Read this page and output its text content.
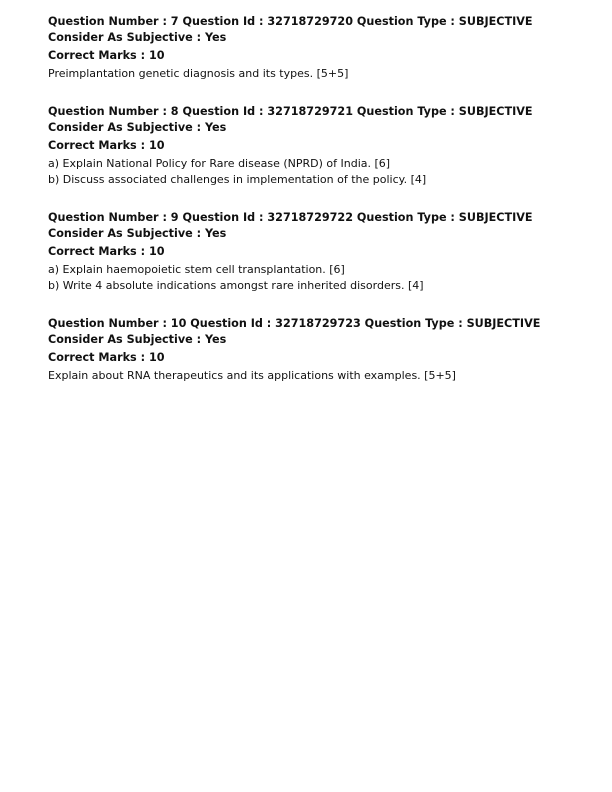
Question Number : 7 Question Id : 32718729720 Question Type : SUBJECTIVE Consider As Subjective : Yes

Correct Marks : 10

Preimplantation genetic diagnosis and its types. [5+5]

Question Number : 8 Question Id : 32718729721 Question Type : SUBJECTIVE Consider As Subjective : Yes

Correct Marks : 10

a) Explain National Policy for Rare disease (NPRD) of India. [6]
b) Discuss associated challenges in implementation of the policy. [4]

Question Number : 9 Question Id : 32718729722 Question Type : SUBJECTIVE Consider As Subjective : Yes

Correct Marks : 10

a) Explain haemopoietic stem cell transplantation. [6]
b) Write 4 absolute indications amongst rare inherited disorders. [4]

Question Number : 10 Question Id : 32718729723 Question Type : SUBJECTIVE Consider As Subjective : Yes

Correct Marks : 10

Explain about RNA therapeutics and its applications with examples. [5+5]
